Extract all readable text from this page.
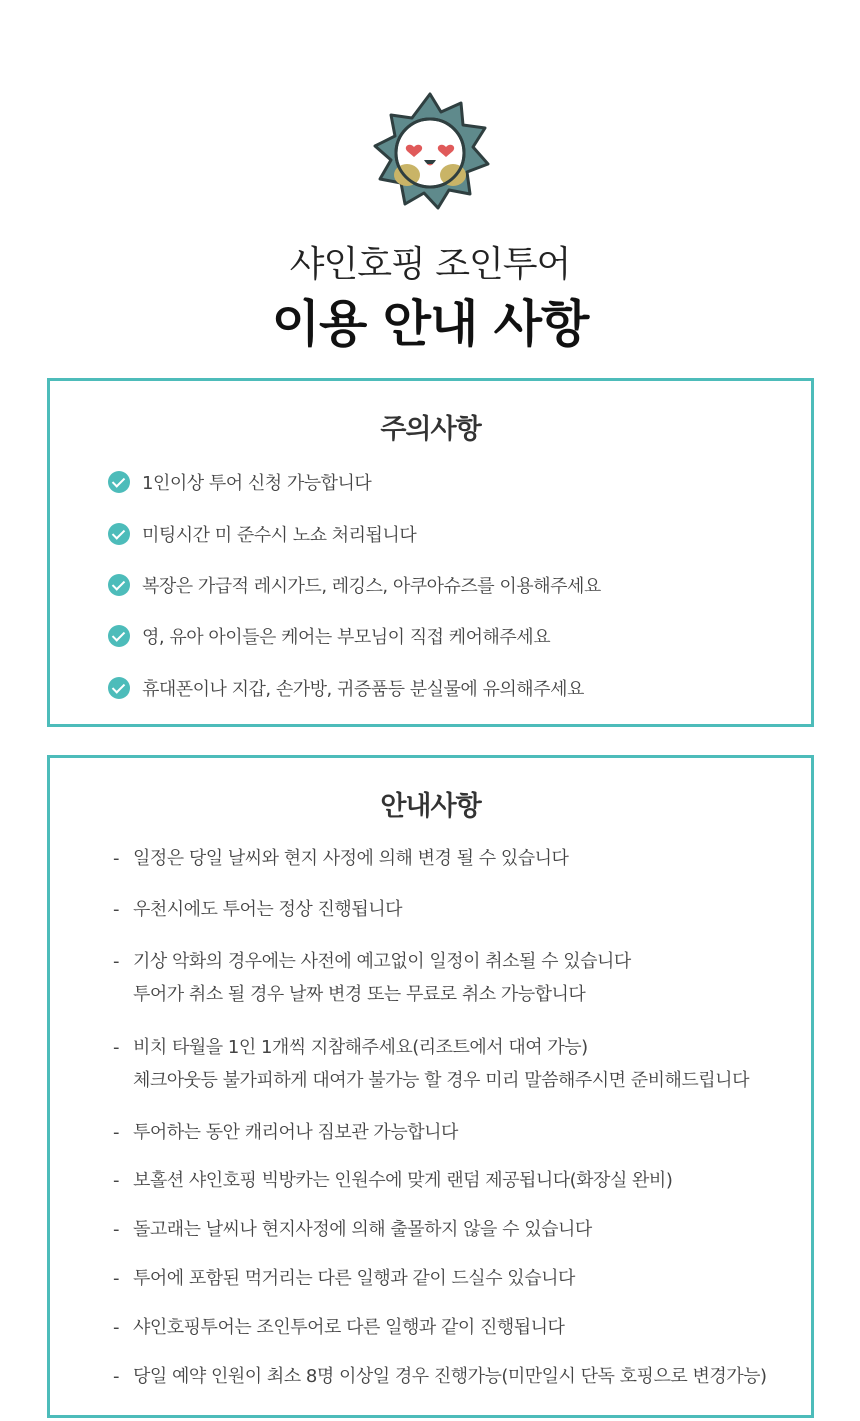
샤인호핑 조인투어
이용 안내 사항
주의사항
1인이상 투어 신청 가능합니다
미팅시간 미 준수시 노쇼 처리됩니다
복장은 가급적 레시가드, 레깅스, 아쿠아슈즈를 이용해주세요
영, 유아 아이들은 케어는 부모님이 직접 케어해주세요
휴대폰이나 지갑, 손가방, 귀증품등 분실물에 유의해주세요
안내사항
- 일정은 당일 날씨와 현지 사정에 의해 변경 될 수 있습니다
- 우천시에도 투어는 정상 진행됩니다
- 기상 악화의 경우에는 사전에 예고없이 일정이 취소될 수 있습니다
투어가 취소 될 경우 날짜 변경 또는 무료로 취소 가능합니다
- 비치 타월을 1인 1개씩 지참해주세요(리조트에서 대여 가능)
체크아웃등 불가피하게 대여가 불가능 할 경우 미리 말씀해주시면 준비해드립니다
- 투어하는 동안 캐리어나 짐보관 가능합니다
- 보홀션 샤인호핑 빅방카는 인원수에 맞게 랜덤 제공됩니다(화장실 완비)
- 돌고래는 날씨나 현지사정에 의해 출몰하지 않을 수 있습니다
- 투어에 포함된 먹거리는 다른 일행과 같이 드실수 있습니다
- 샤인호핑투어는 조인투어로 다른 일행과 같이 진행됩니다
- 당일 예약 인원이 최소 8명 이상일 경우 진행가능(미만일시 단독 호핑으로 변경가능)
